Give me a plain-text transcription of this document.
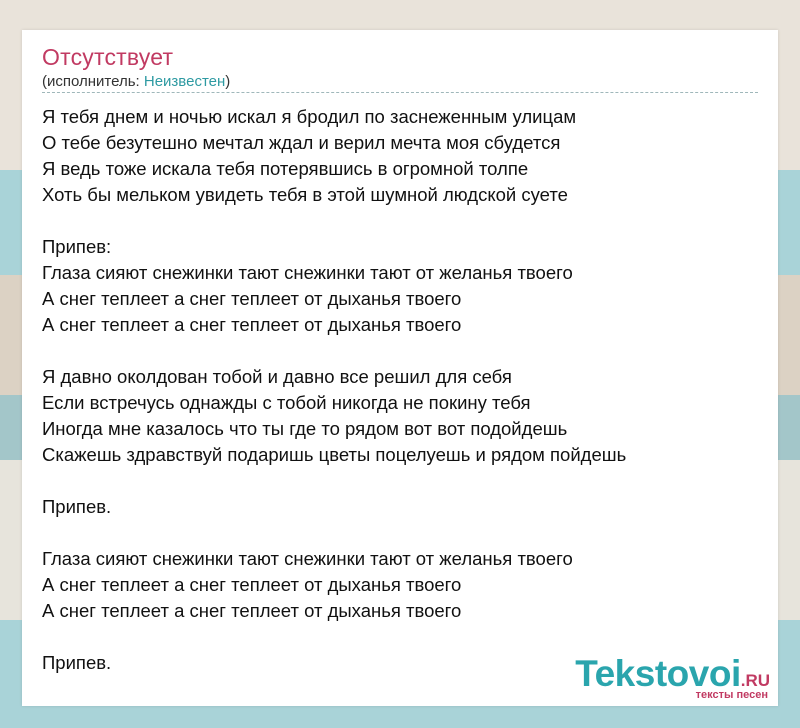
Отсутствует
(исполнитель: Неизвестен)
Я тебя днем и ночью искал я бродил по заснеженным улицам
О тебе безутешно мечтал ждал и верил мечта моя сбудется
Я ведь тоже искала тебя потерявшись в огромной толпе
Хоть бы мельком увидеть тебя в этой шумной людской суете
Припев:
Глаза сияют снежинки тают снежинки тают от желанья твоего
А снег теплеет а снег теплеет от дыханья твоего
А снег теплеет а снег теплеет от дыханья твоего
Я давно околдован тобой и давно все решил для себя
Если встречусь однажды с тобой никогда не покину тебя
Иногда мне казалось что ты где то рядом вот вот подойдешь
Скажешь здравствуй подаришь цветы поцелуешь и рядом пойдешь
Припев.
Глаза сияют снежинки тают снежинки тают от желанья твоего
А снег теплеет а снег теплеет от дыханья твоего
А снег теплеет а снег теплеет от дыханья твоего
Припев.	Tekstovoi.RU
тексты песен
